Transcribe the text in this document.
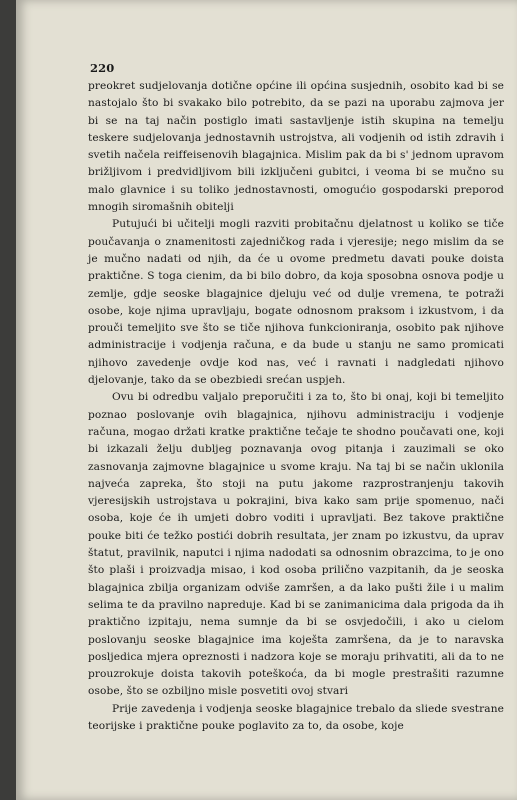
220

preokret sudjelovanja dotične općine ili općina susjednih, osobito kad bi se nastojalo što bi svakako bilo potrebito, da se pazi na uporabu zajmova jer bi se na taj način postiglo imati sastavljenje istih skupina na temelju teskere sudjelovanja jednostavnih ustrojstva, ali vodjenih od istih zdravih i svetih načela reiffeisenovih blagajnica. Mislim pak da bi s' jednom upravom brižljivom i predvidljivom bili izključeni gubitci, i veoma bi se mučno su malo glavnice i su toliko jednostavnosti, omogućio gospodarski preporod mnogih siromašnih obitelji

Putujući bi učitelji mogli razviti probitačnu djelatnost u koliko se tiče poučavanja o znamenitosti zajedničkog rada i vjeresije; nego mislim da se je mučno nadati od njih, da će u ovome predmetu davati pouke doista praktične. S toga cienim, da bi bilo dobro, da koja sposobna osnova podje u zemlje, gdje seoske blagajnice djeluju već od dulje vremena, te potraži osobe, koje njima upravljaju, bogate odnosnom praksom i izkustvom, i da prouči temeljito sve što se tiče njihova funkcioniranja, osobito pak njihove administracije i vodjenja računa, e da bude u stanju ne samo promicati njihovo zavedenje ovdje kod nas, već i ravnati i nadgledati njihovo djelovanje, tako da se obezbiedi srećan uspjeh.

Ovu bi odredbu valjalo preporučiti i za to, što bi onaj, koji bi temeljito poznao poslovanje ovih blagajnica, njihovu administraciju i vodjenje računa, mogao držati kratke praktične tečaje te shodno poučavati one, koji bi izkazali želju dubljeg poznavanja ovog pitanja i zauzimali se oko zasnovanja zajmovne blagajnice u svome kraju. Na taj bi se način uklonila najveća zapreka, što stoji na putu jakome razprostranjenju takovih vjeresijskih ustrojstava u pokrajini, biva kako sam prije spomenuo, nači osoba, koje će ih umjeti dobro voditi i upravljati. Bez takove praktične pouke biti će težko postići dobrih resultata, jer znam po izkustvu, da uprav štatut, pravilnik, naputci i njima nadodati sa odnosnim obrazcima, to je ono što plaši i proizvadja misao, i kod osoba prilično vazpitanih, da je seoska blagajnica zbilja organizam odviše zamršen, a da lako pušti žile i u malim selima te da pravilno napreduje. Kad bi se zanimanicima dala prigoda da ih praktično izpitaju, nema sumnje da bi se osvjedočili, i ako u cielom poslovanju seoske blagajnice ima koješta zamršena, da je to naravska posljedica mjera opreznosti i nadzora koje se moraju prihvatiti, ali da to ne prouzrokuje doista takovih poteškoća, da bi mogle prestrašiti razumne osobe, što se ozbiljno misle posvetiti ovoj stvari

Prije zavedenja i vodjenja seoske blagajnice trebalo da sliede svestrane teorijske i praktične pouke poglavito za to, da osobe, koje
